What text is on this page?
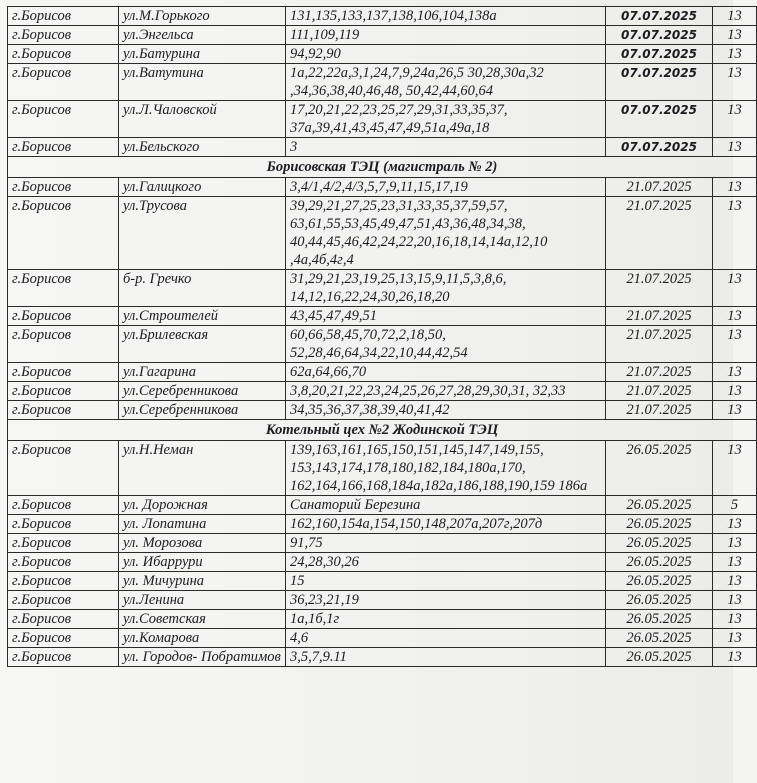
г.Борисов	ул.М.Горького	131,135,133,137,138,106,104,138а	07.07.2025	13
г.Борисов	ул.Энгельса	111,109,119	07.07.2025	13
г.Борисов	ул.Батурина	94,92,90	07.07.2025	13
г.Борисов	ул.Ватутина	1а,22,22а,3,1,24,7,9,24а,26,5 30,28,30а,32 ,34,36,38,40,46,48, 50,42,44,60,64	07.07.2025	13
г.Борисов	ул.Л.Чаловской	17,20,21,22,23,25,27,29,31,33,35,37, 37а,39,41,43,45,47,49,51а,49а,18	07.07.2025	13
г.Борисов	ул.Бельского	3	07.07.2025	13
Борисовская ТЭЦ (магистраль № 2)				
г.Борисов	ул.Галицкого	3,4/1,4/2,4/3,5,7,9,11,15,17,19	21.07.2025	13
г.Борисов	ул.Трусова	39,29,21,27,25,23,31,33,35,37,59,57, 63,61,55,53,45,49,47,51,43,36,48,34,38, 40,44,45,46,42,24,22,20,16,18,14,14а,12,10 ,4а,4б,4г,4	21.07.2025	13
г.Борисов	б-р. Гречко	31,29,21,23,19,25,13,15,9,11,5,3,8,6, 14,12,16,22,24,30,26,18,20	21.07.2025	13
г.Борисов	ул.Строителей	43,45,47,49,51	21.07.2025	13
г.Борисов	ул.Брилевская	60,66,58,45,70,72,2,18,50, 52,28,46,64,34,22,10,44,42,54	21.07.2025	13
г.Борисов	ул.Гагарина	62а,64,66,70	21.07.2025	13
г.Борисов	ул.Серебренникова	3,8,20,21,22,23,24,25,26,27,28,29,30,31, 32,33	21.07.2025	13
г.Борисов	ул.Серебренникова	34,35,36,37,38,39,40,41,42	21.07.2025	13
Котельный цех №2 Жодинской ТЭЦ				
г.Борисов	ул.Н.Неман	139,163,161,165,150,151,145,147,149,155, 153,143,174,178,180,182,184,180а,170, 162,164,166,168,184а,182а,186,188,190,159 186а	26.05.2025	13
г.Борисов	ул. Дорожная	Санаторий Березина	26.05.2025	5
г.Борисов	ул. Лопатина	162,160,154а,154,150,148,207а,207г,207д	26.05.2025	13
г.Борисов	ул. Морозова	91,75	26.05.2025	13
г.Борисов	ул. Ибаррури	24,28,30,26	26.05.2025	13
г.Борисов	ул. Мичурина	15	26.05.2025	13
г.Борисов	ул.Ленина	36,23,21,19	26.05.2025	13
г.Борисов	ул.Советская	1а,1б,1г	26.05.2025	13
г.Борисов	ул.Комарова	4,6	26.05.2025	13
г.Борисов	ул. Городов- Побратимов	3,5,7,9.11	26.05.2025	13
